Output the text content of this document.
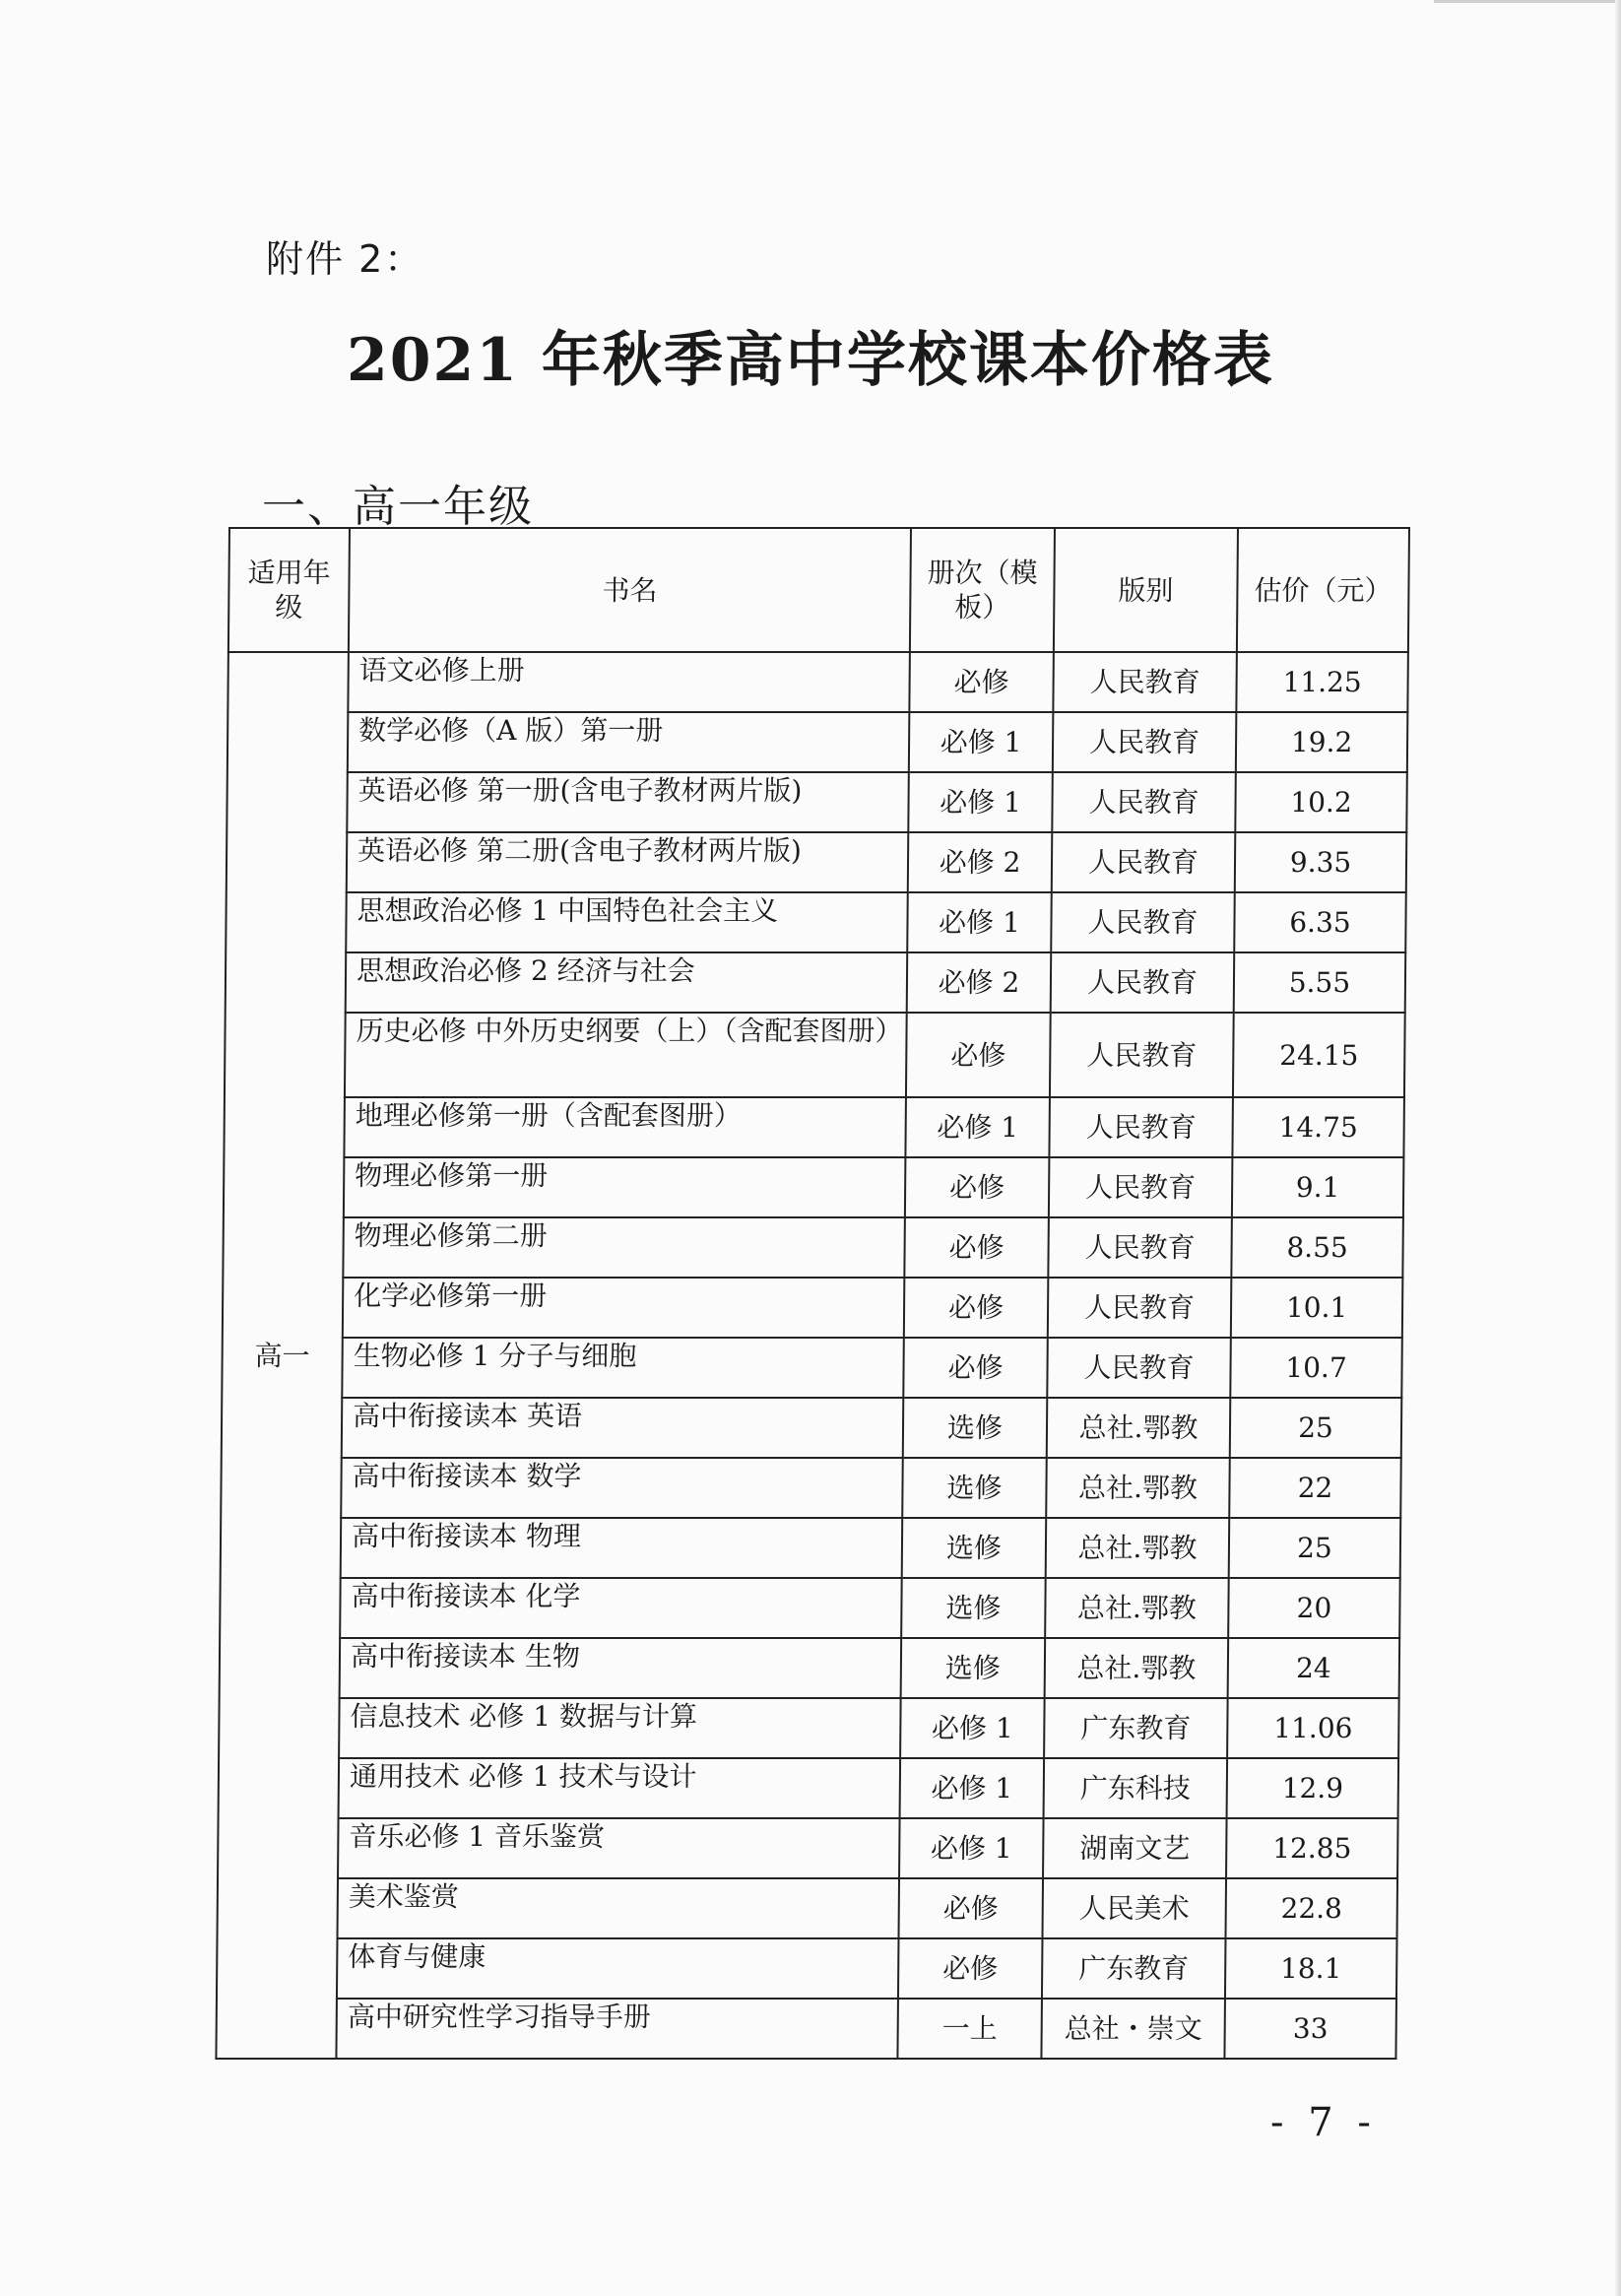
附件 2：
2021 年秋季高中学校课本价格表
一、高一年级
适用年级	书名	册次（模板）	版别	估价（元）
高一	语文必修上册	必修	人民教育	11.25
	数学必修（A 版）第一册	必修 1	人民教育	19.2
	英语必修 第一册(含电子教材两片版)	必修 1	人民教育	10.2
	英语必修 第二册(含电子教材两片版)	必修 2	人民教育	9.35
	思想政治必修 1 中国特色社会主义	必修 1	人民教育	6.35
	思想政治必修 2 经济与社会	必修 2	人民教育	5.55
	历史必修 中外历史纲要（上）（含配套图册）	必修	人民教育	24.15
	地理必修第一册（含配套图册）	必修 1	人民教育	14.75
	物理必修第一册	必修	人民教育	9.1
	物理必修第二册	必修	人民教育	8.55
	化学必修第一册	必修	人民教育	10.1
	生物必修 1 分子与细胞	必修	人民教育	10.7
	高中衔接读本 英语	选修	总社.鄂教	25
	高中衔接读本 数学	选修	总社.鄂教	22
	高中衔接读本 物理	选修	总社.鄂教	25
	高中衔接读本 化学	选修	总社.鄂教	20
	高中衔接读本 生物	选修	总社.鄂教	24
	信息技术 必修 1 数据与计算	必修 1	广东教育	11.06
	通用技术 必修 1 技术与设计	必修 1	广东科技	12.9
	音乐必修 1 音乐鉴赏	必修 1	湖南文艺	12.85
	美术鉴赏	必修	人民美术	22.8
	体育与健康	必修	广东教育	18.1
	高中研究性学习指导手册	一上	总社・崇文	33
- 7 -
